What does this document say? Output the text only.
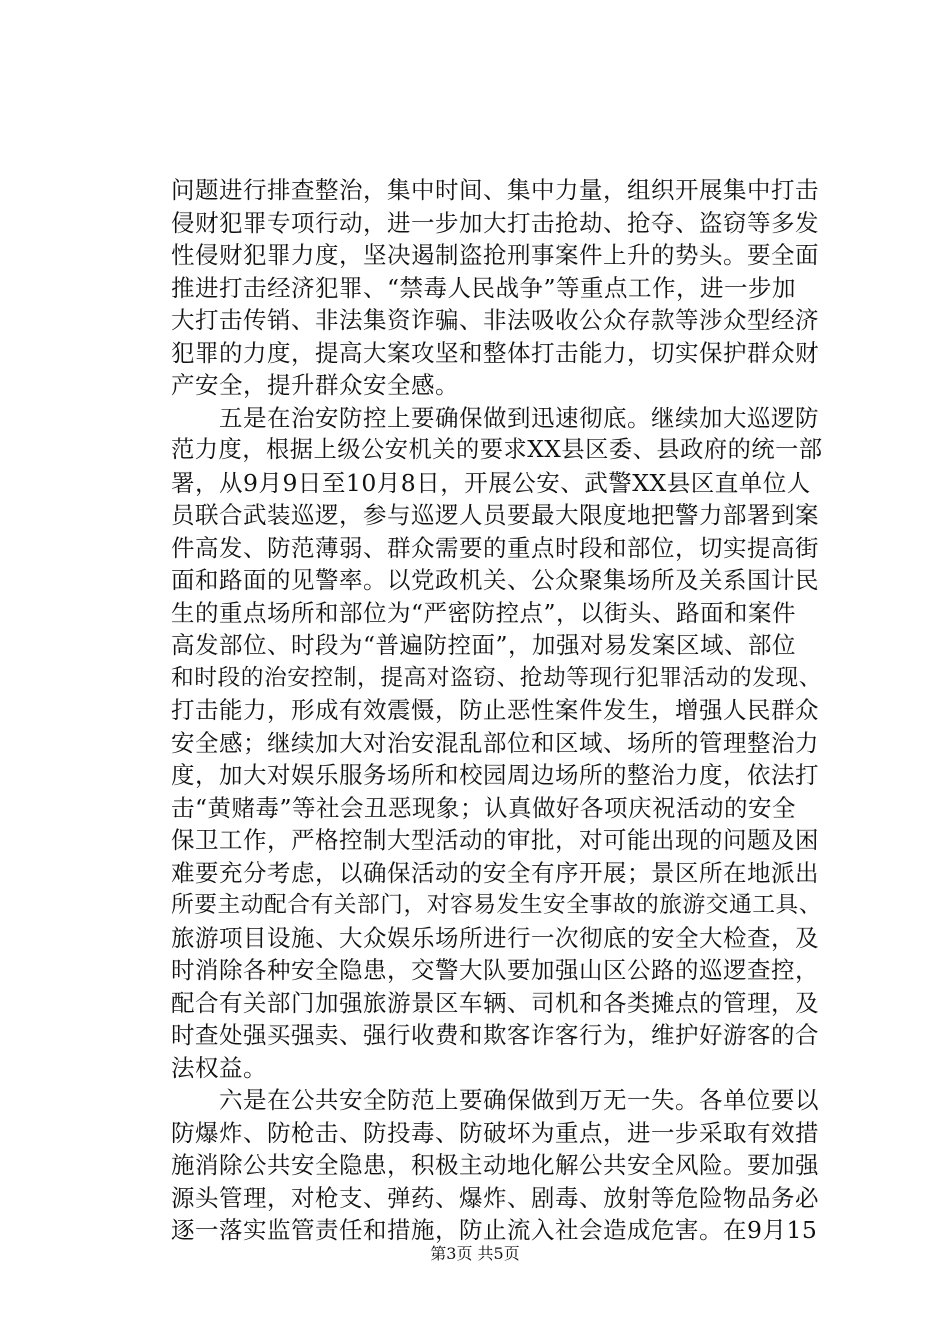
问题进行排查整治，集中时间、集中力量，组织开展集中打击
侵财犯罪专项行动，进一步加大打击抢劫、抢夺、盗窃等多发
性侵财犯罪力度，坚决遏制盗抢刑事案件上升的势头。要全面
推进打击经济犯罪、“禁毒人民战争”等重点工作，进一步加
大打击传销、非法集资诈骗、非法吸收公众存款等涉众型经济
犯罪的力度，提高大案攻坚和整体打击能力，切实保护群众财
产安全，提升群众安全感。
　　五是在治安防控上要确保做到迅速彻底。继续加大巡逻防
范力度，根据上级公安机关的要求XX县区委、县政府的统一部
署，从9月9日至10月8日，开展公安、武警XX县区直单位人
员联合武装巡逻，参与巡逻人员要最大限度地把警力部署到案
件高发、防范薄弱、群众需要的重点时段和部位，切实提高街
面和路面的见警率。以党政机关、公众聚集场所及关系国计民
生的重点场所和部位为“严密防控点”，以街头、路面和案件
高发部位、时段为“普遍防控面”，加强对易发案区域、部位
和时段的治安控制，提高对盗窃、抢劫等现行犯罪活动的发现、
打击能力，形成有效震慑，防止恶性案件发生，增强人民群众
安全感；继续加大对治安混乱部位和区域、场所的管理整治力
度，加大对娱乐服务场所和校园周边场所的整治力度，依法打
击“黄赌毒”等社会丑恶现象；认真做好各项庆祝活动的安全
保卫工作，严格控制大型活动的审批，对可能出现的问题及困
难要充分考虑，以确保活动的安全有序开展；景区所在地派出
所要主动配合有关部门，对容易发生安全事故的旅游交通工具、
旅游项目设施、大众娱乐场所进行一次彻底的安全大检查，及
时消除各种安全隐患，交警大队要加强山区公路的巡逻查控，
配合有关部门加强旅游景区车辆、司机和各类摊点的管理，及
时查处强买强卖、强行收费和欺客诈客行为，维护好游客的合
法权益。
　　六是在公共安全防范上要确保做到万无一失。各单位要以
防爆炸、防枪击、防投毒、防破坏为重点，进一步采取有效措
施消除公共安全隐患，积极主动地化解公共安全风险。要加强
源头管理，对枪支、弹药、爆炸、剧毒、放射等危险物品务必
逐一落实监管责任和措施，防止流入社会造成危害。在9月15
第3页 共5页
